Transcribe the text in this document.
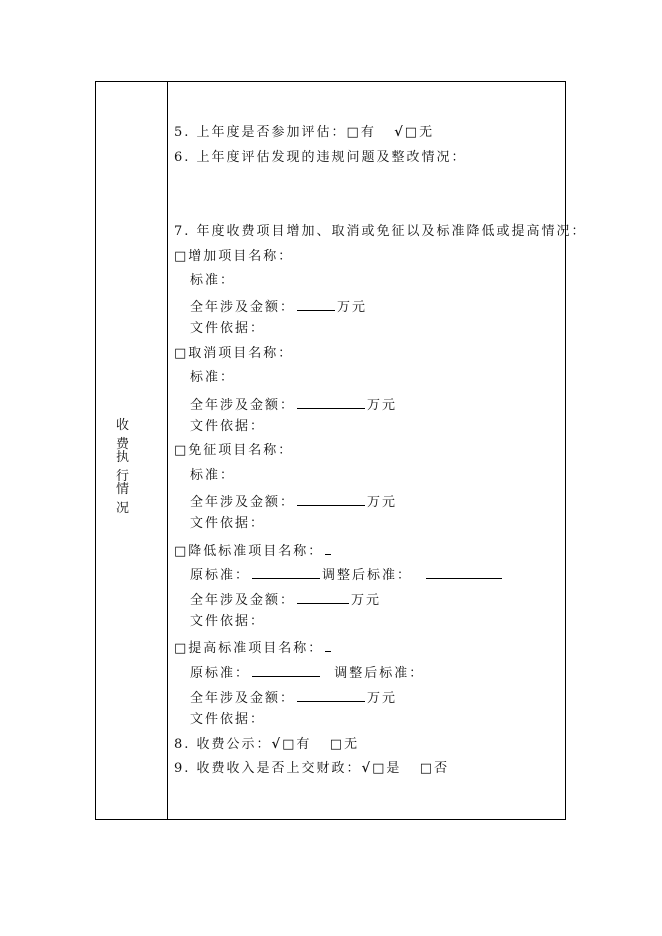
收费
执行
情况
5. 上年度是否参加评估：□有 √□无
6. 上年度评估发现的违规问题及整改情况：
7. 年度收费项目增加、取消或免征以及标准降低或提高情况：
□增加项目名称：
标准：
全年涉及金额：	万元
文件依据：
□取消项目名称：
标准：
全年涉及金额：	万元
文件依据：
□免征项目名称：
标准：
全年涉及金额：	万元
文件依据：
□降低标准项目名称：
原标准：	调整后标准：
全年涉及金额：	万元
文件依据：
□提高标准项目名称：
原标准：	调整后标准：
全年涉及金额：	万元
文件依据：
8. 收费公示：√□有 □无
9. 收费收入是否上交财政：√□是 □否
